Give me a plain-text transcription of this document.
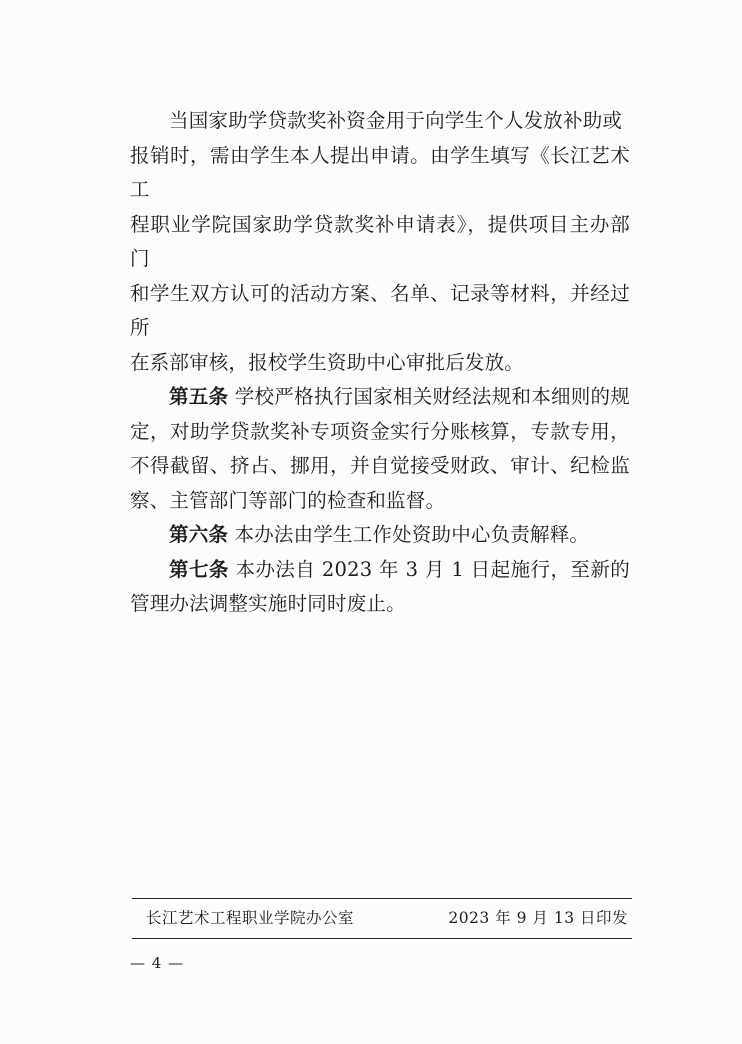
当国家助学贷款奖补资金用于向学生个人发放补助或
报销时，需由学生本人提出申请。由学生填写《长江艺术工
程职业学院国家助学贷款奖补申请表》，提供项目主办部门
和学生双方认可的活动方案、名单、记录等材料，并经过所
在系部审核，报校学生资助中心审批后发放。

第五条 学校严格执行国家相关财经法规和本细则的规定，对助学贷款奖补专项资金实行分账核算，专款专用，不得截留、挤占、挪用，并自觉接受财政、审计、纪检监察、主管部门等部门的检查和监督。

第六条 本办法由学生工作处资助中心负责解释。

第七条 本办法自 2023 年 3 月 1 日起施行，至新的管理办法调整实施时同时废止。

长江艺术工程职业学院办公室	2023 年 9 月 13 日印发
— 4 —
